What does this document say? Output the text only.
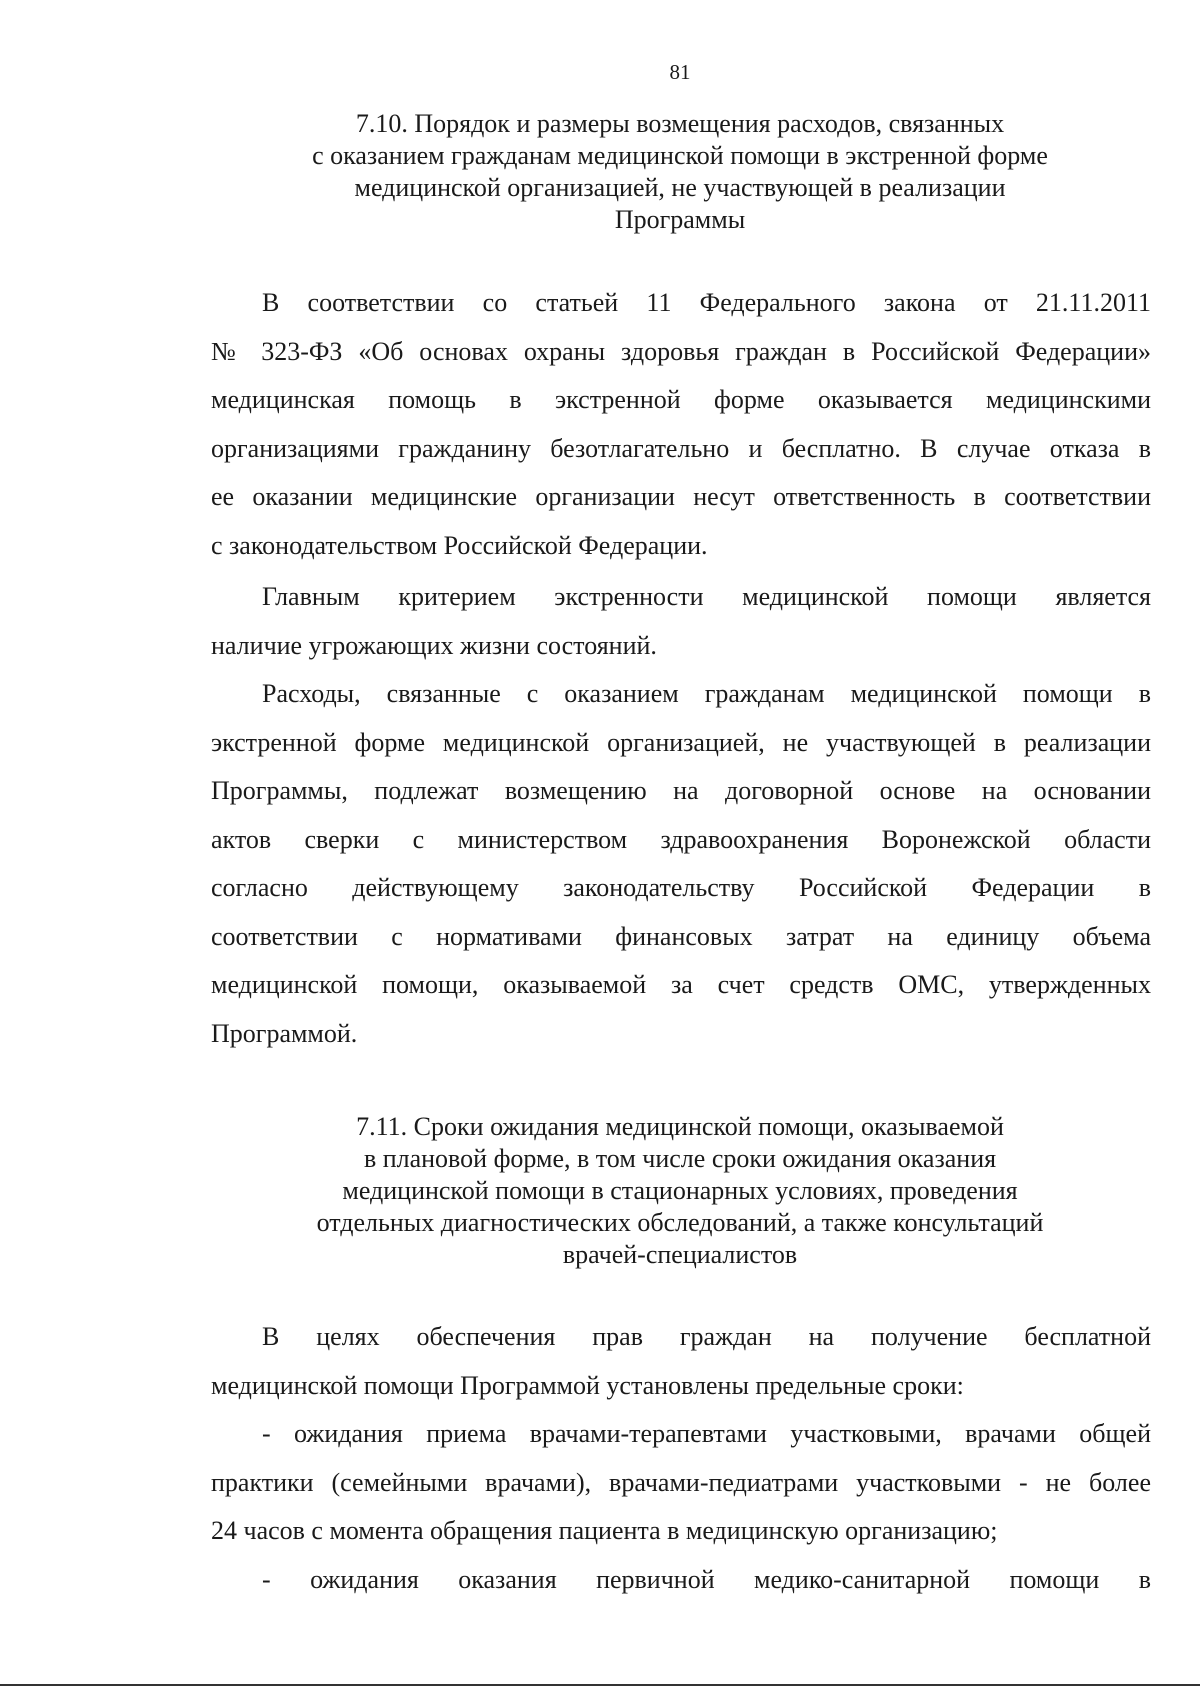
81
7.10. Порядок и размеры возмещения расходов, связанных
с оказанием гражданам медицинской помощи в экстренной форме
медицинской организацией, не участвующей в реализации
Программы
В соответствии со статьей 11 Федерального закона от 21.11.2011
№ 323-ФЗ «Об основах охраны здоровья граждан в Российской Федерации»
медицинская помощь в экстренной форме оказывается медицинскими
организациями гражданину безотлагательно и бесплатно. В случае отказа в
ее оказании медицинские организации несут ответственность в соответствии
с законодательством Российской Федерации.
Главным критерием экстренности медицинской помощи является
наличие угрожающих жизни состояний.
Расходы, связанные с оказанием гражданам медицинской помощи в
экстренной форме медицинской организацией, не участвующей в реализации
Программы, подлежат возмещению на договорной основе на основании
актов сверки с министерством здравоохранения Воронежской области
согласно действующему законодательству Российской Федерации в
соответствии с нормативами финансовых затрат на единицу объема
медицинской помощи, оказываемой за счет средств ОМС, утвержденных
Программой.
7.11. Сроки ожидания медицинской помощи, оказываемой
в плановой форме, в том числе сроки ожидания оказания
медицинской помощи в стационарных условиях, проведения
отдельных диагностических обследований, а также консультаций
врачей-специалистов
В целях обеспечения прав граждан на получение бесплатной
медицинской помощи Программой установлены предельные сроки:
- ожидания приема врачами-терапевтами участковыми, врачами общей
практики (семейными врачами), врачами-педиатрами участковыми - не более
24 часов с момента обращения пациента в медицинскую организацию;
- ожидания оказания первичной медико-санитарной помощи в
